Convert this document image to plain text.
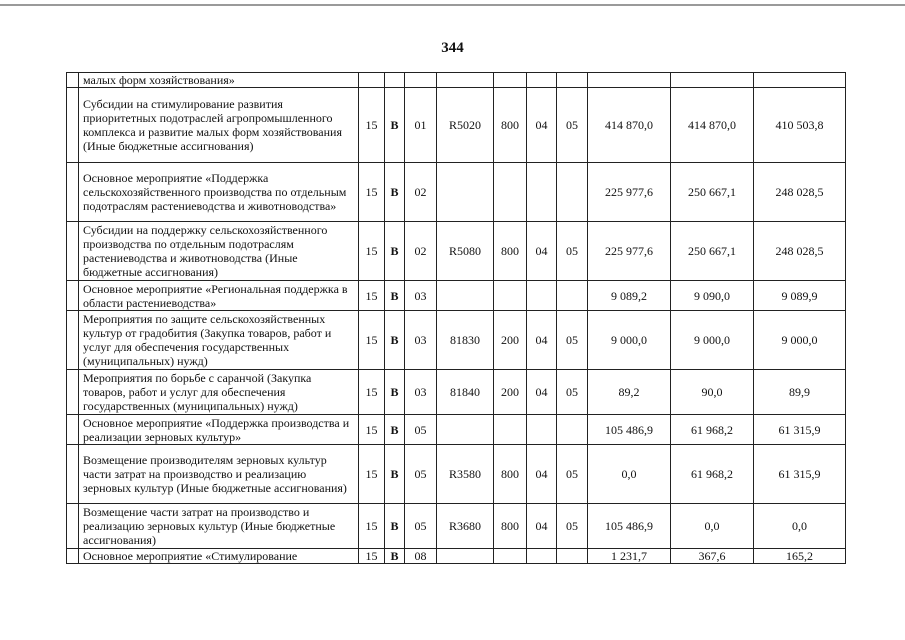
344
	малых форм хозяйствования»										
	Субсидии на стимулирование развития приоритетных подотраслей агропромышленного комплекса и развитие малых форм хозяйствования (Иные бюджетные ассигнования)	15	В	01	R5020	800	04	05	414 870,0	414 870,0	410 503,8
	Основное мероприятие «Поддержка сельскохозяйственного производства по отдельным подотраслям растениеводства и животноводства»	15	В	02					225 977,6	250 667,1	248 028,5
	Субсидии на поддержку сельскохозяйственного производства по отдельным подотраслям растениеводства и животноводства (Иные бюджетные ассигнования)	15	В	02	R5080	800	04	05	225 977,6	250 667,1	248 028,5
	Основное мероприятие «Региональная поддержка в области растениеводства»	15	В	03					9 089,2	9 090,0	9 089,9
	Мероприятия по защите сельскохозяйственных культур от градобития (Закупка товаров, работ и услуг для обеспечения государственных (муниципальных) нужд)	15	В	03	81830	200	04	05	9 000,0	9 000,0	9 000,0
	Мероприятия по борьбе с саранчой (Закупка товаров, работ и услуг для обеспечения государственных (муниципальных) нужд)	15	В	03	81840	200	04	05	89,2	90,0	89,9
	Основное мероприятие «Поддержка производства и реализации зерновых культур»	15	В	05					105 486,9	61 968,2	61 315,9
	Возмещение производителям зерновых культур части затрат на производство и реализацию зерновых культур (Иные бюджетные ассигнования)	15	В	05	R3580	800	04	05	0,0	61 968,2	61 315,9
	Возмещение части затрат на производство и реализацию зерновых культур (Иные бюджетные ассигнования)	15	В	05	R3680	800	04	05	105 486,9	0,0	0,0
	Основное мероприятие «Стимулирование	15	В	08					1 231,7	367,6	165,2
